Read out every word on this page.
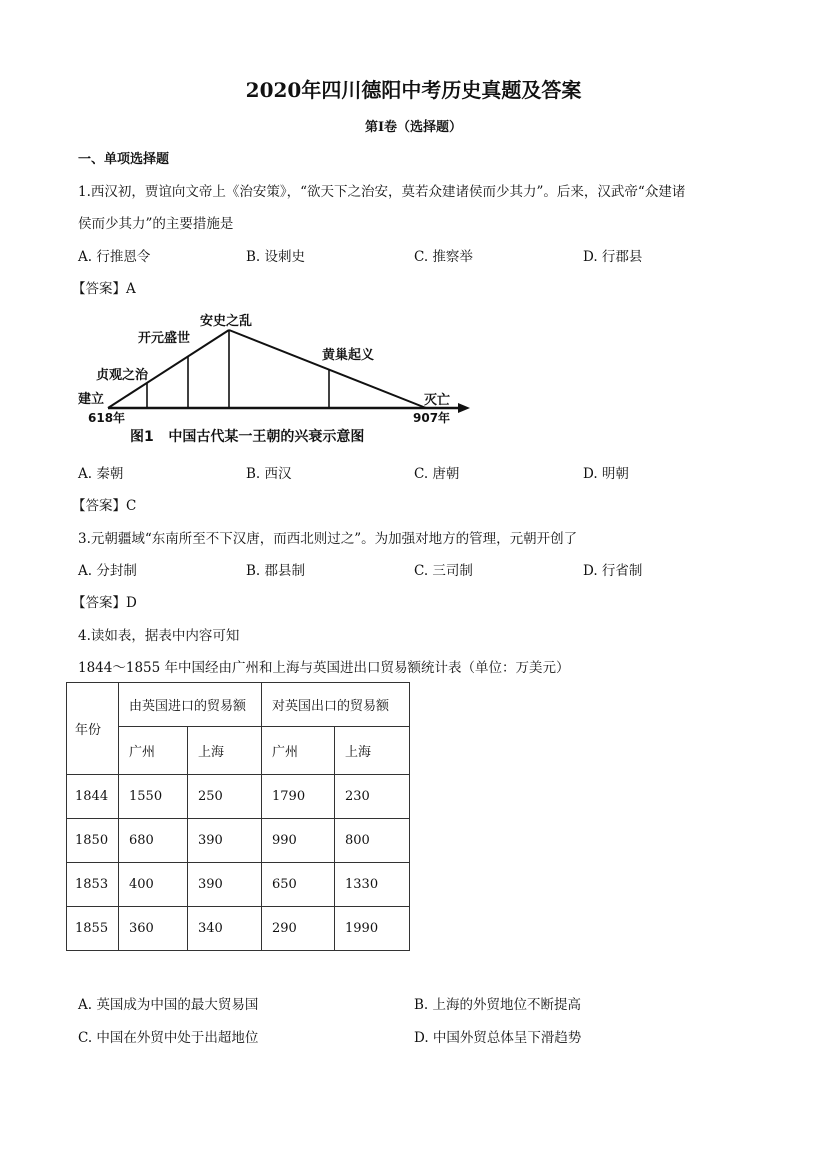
2020年四川德阳中考历史真题及答案
第Ⅰ卷（选择题）
一、单项选择题
1.西汉初，贾谊向文帝上《治安策》，“欲天下之治安，莫若众建诸侯而少其力”。后来，汉武帝“众建诸
侯而少其力”的主要措施是
A. 行推恩令	B. 设刺史	C. 推察举	D. 行郡县
【答案】A
安史之乱
开元盛世
贞观之治
黄巢起义
建立	灭亡
618年	907年
图1   中国古代某一王朝的兴衰示意图
A. 秦朝	B. 西汉	C. 唐朝	D. 明朝
【答案】C
3.元朝疆域“东南所至不下汉唐，而西北则过之”。为加强对地方的管理，元朝开创了
A. 分封制	B. 郡县制	C. 三司制	D. 行省制
【答案】D
4.读如表，据表中内容可知
1844～1855 年中国经由广州和上海与英国进出口贸易额统计表（单位：万美元）
年份	由英国进口的贸易额		对英国出口的贸易额	
	广州	上海	广州	上海
1844	1550	250	1790	230
1850	680	390	990	800
1853	400	390	650	1330
1855	360	340	290	1990
A. 英国成为中国的最大贸易国	B. 上海的外贸地位不断提高
C. 中国在外贸中处于出超地位	D. 中国外贸总体呈下滑趋势
